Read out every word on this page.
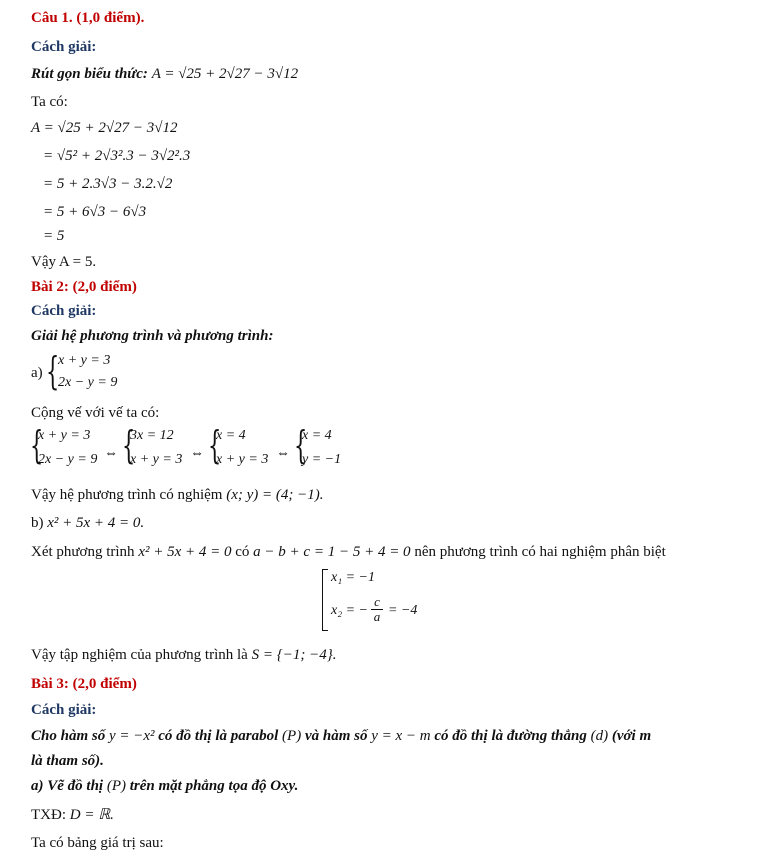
Câu 1. (1,0 điểm).
Cách giải:
Rút gọn biểu thức: A = √25 + 2√27 − 3√12
Ta có:
A = √25 + 2√27 − 3√12
= √5² + 2√3².3 − 3√2².3
= 5 + 2.3√3 − 3.2.√2
= 5 + 6√3 − 6√3
= 5
Vậy A = 5.
Bài 2: (2,0 điểm)
Cách giải:
Giải hệ phương trình và phương trình:
a) {
x + y = 3
2x − y = 9
Cộng vế với vế ta có:
{
x + y = 3
2x − y = 9 ⇔ {
3x = 12
x + y = 3 ⇔ {
x = 4
x + y = 3 ⇔ {
x = 4
y = −1
Vậy hệ phương trình có nghiệm (x; y) = (4; −1).
b) x² + 5x + 4 = 0.
Xét phương trình x² + 5x + 4 = 0 có a − b + c = 1 − 5 + 4 = 0 nên phương trình có hai nghiệm phân biệt
x₁ = −1
x₂ = − $\frac{c}{a} = -4$
Vậy tập nghiệm của phương trình là S = {−1; −4}.
Bài 3: (2,0 điểm)
Cách giải:
Cho hàm số y = −x² có đồ thị là parabol (P) và hàm số y = x − m có đồ thị là đường thẳng (d) (với m
là tham số).
a) Vẽ đồ thị (P) trên mặt phẳng tọa độ Oxy.
TXĐ: D = ℝ.
Ta có bảng giá trị sau:
